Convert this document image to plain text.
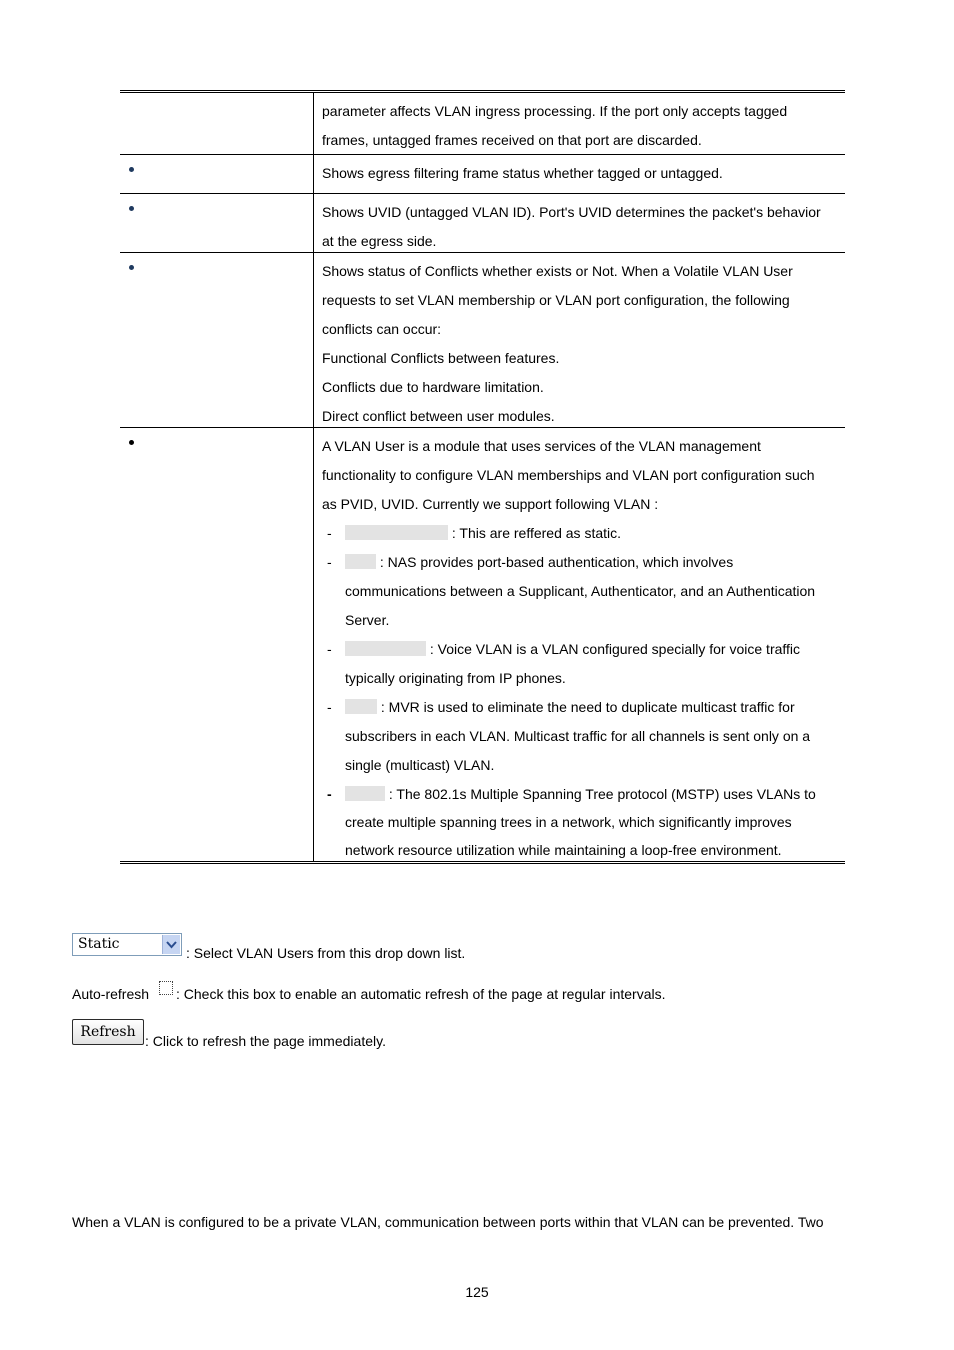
parameter affects VLAN ingress processing. If the port only accepts tagged
frames, untagged frames received on that port are discarded.
Shows egress filtering frame status whether tagged or untagged.
Shows UVID (untagged VLAN ID). Port's UVID determines the packet's behavior
at the egress side.
Shows status of Conflicts whether exists or Not. When a Volatile VLAN User
requests to set VLAN membership or VLAN port configuration, the following
conflicts can occur:
Functional Conflicts between features.
Conflicts due to hardware limitation.
Direct conflict between user modules.
A VLAN User is a module that uses services of the VLAN management
functionality to configure VLAN memberships and VLAN port configuration such
as PVID, UVID. Currently we support following VLAN :
-	: This are reffered as static.
-	: NAS provides port-based authentication, which involves
communications between a Supplicant, Authenticator, and an Authentication
Server.
-	: Voice VLAN is a VLAN configured specially for voice traffic
typically originating from IP phones.
-	: MVR is used to eliminate the need to duplicate multicast traffic for
subscribers in each VLAN. Multicast traffic for all channels is sent only on a
single (multicast) VLAN.
-	: The 802.1s Multiple Spanning Tree protocol (MSTP) uses VLANs to
create multiple spanning trees in a network, which significantly improves
network resource utilization while maintaining a loop-free environment.
Static
: Select VLAN Users from this drop down list.
Auto-refresh : Check this box to enable an automatic refresh of the page at regular intervals.
Refresh
: Click to refresh the page immediately.
When a VLAN is configured to be a private VLAN, communication between ports within that VLAN can be prevented. Two
125
